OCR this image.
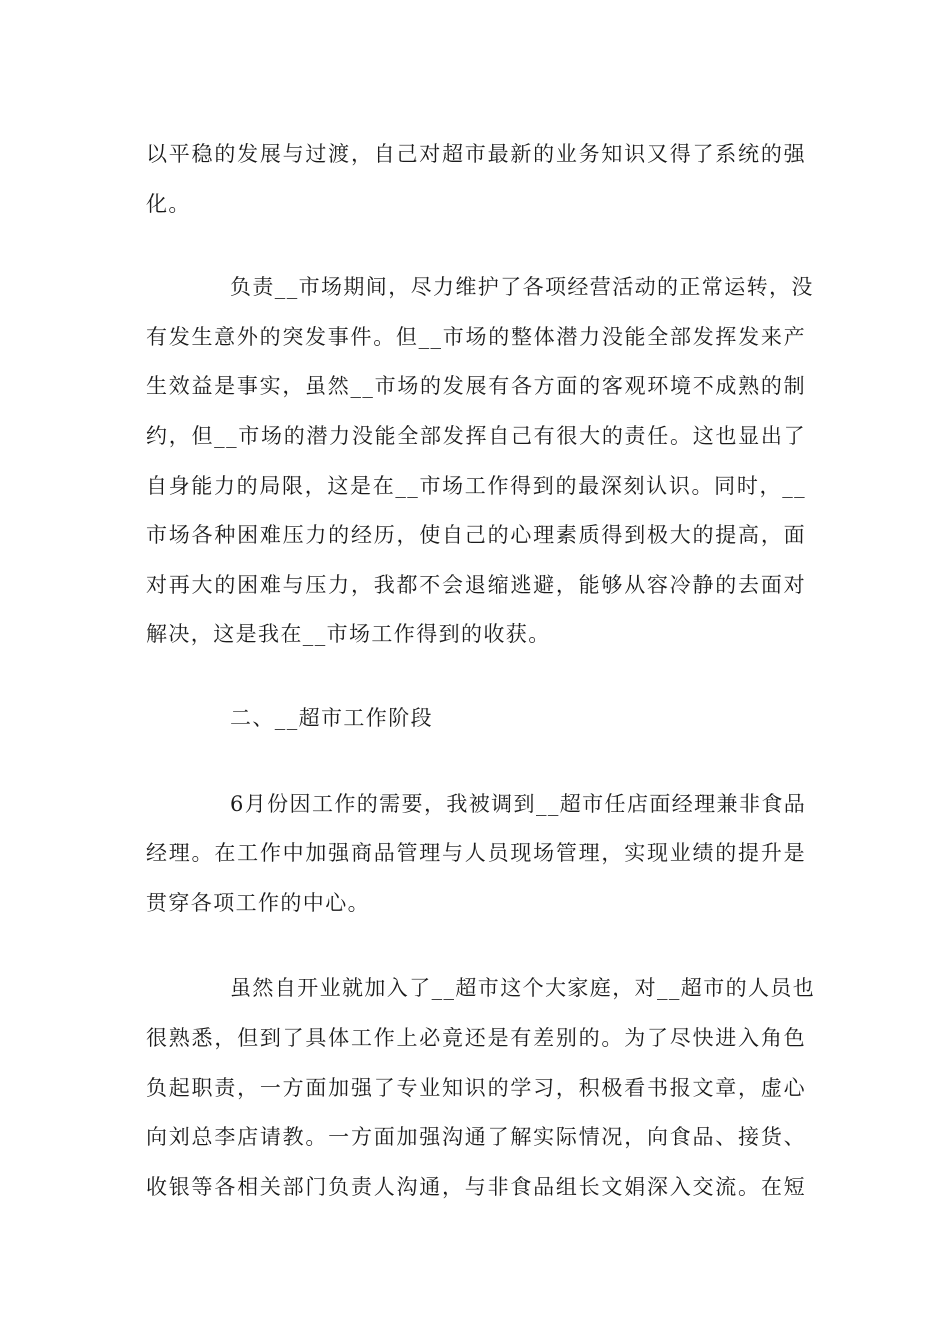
以平稳的发展与过渡，自己对超市最新的业务知识又得了系统的强
化。
负责__市场期间，尽力维护了各项经营活动的正常运转，没
有发生意外的突发事件。但__市场的整体潜力没能全部发挥发来产
生效益是事实，虽然__市场的发展有各方面的客观环境不成熟的制
约，但__市场的潜力没能全部发挥自己有很大的责任。这也显出了
自身能力的局限，这是在__市场工作得到的最深刻认识。同时，__
市场各种困难压力的经历，使自己的心理素质得到极大的提高，面
对再大的困难与压力，我都不会退缩逃避，能够从容冷静的去面对
解决，这是我在__市场工作得到的收获。
二、__超市工作阶段
6月份因工作的需要，我被调到__超市任店面经理兼非食品
经理。在工作中加强商品管理与人员现场管理，实现业绩的提升是
贯穿各项工作的中心。
虽然自开业就加入了__超市这个大家庭，对__超市的人员也
很熟悉，但到了具体工作上必竟还是有差别的。为了尽快进入角色
负起职责，一方面加强了专业知识的学习，积极看书报文章，虚心
向刘总李店请教。一方面加强沟通了解实际情况，向食品、接货、
收银等各相关部门负责人沟通，与非食品组长文娟深入交流。在短
